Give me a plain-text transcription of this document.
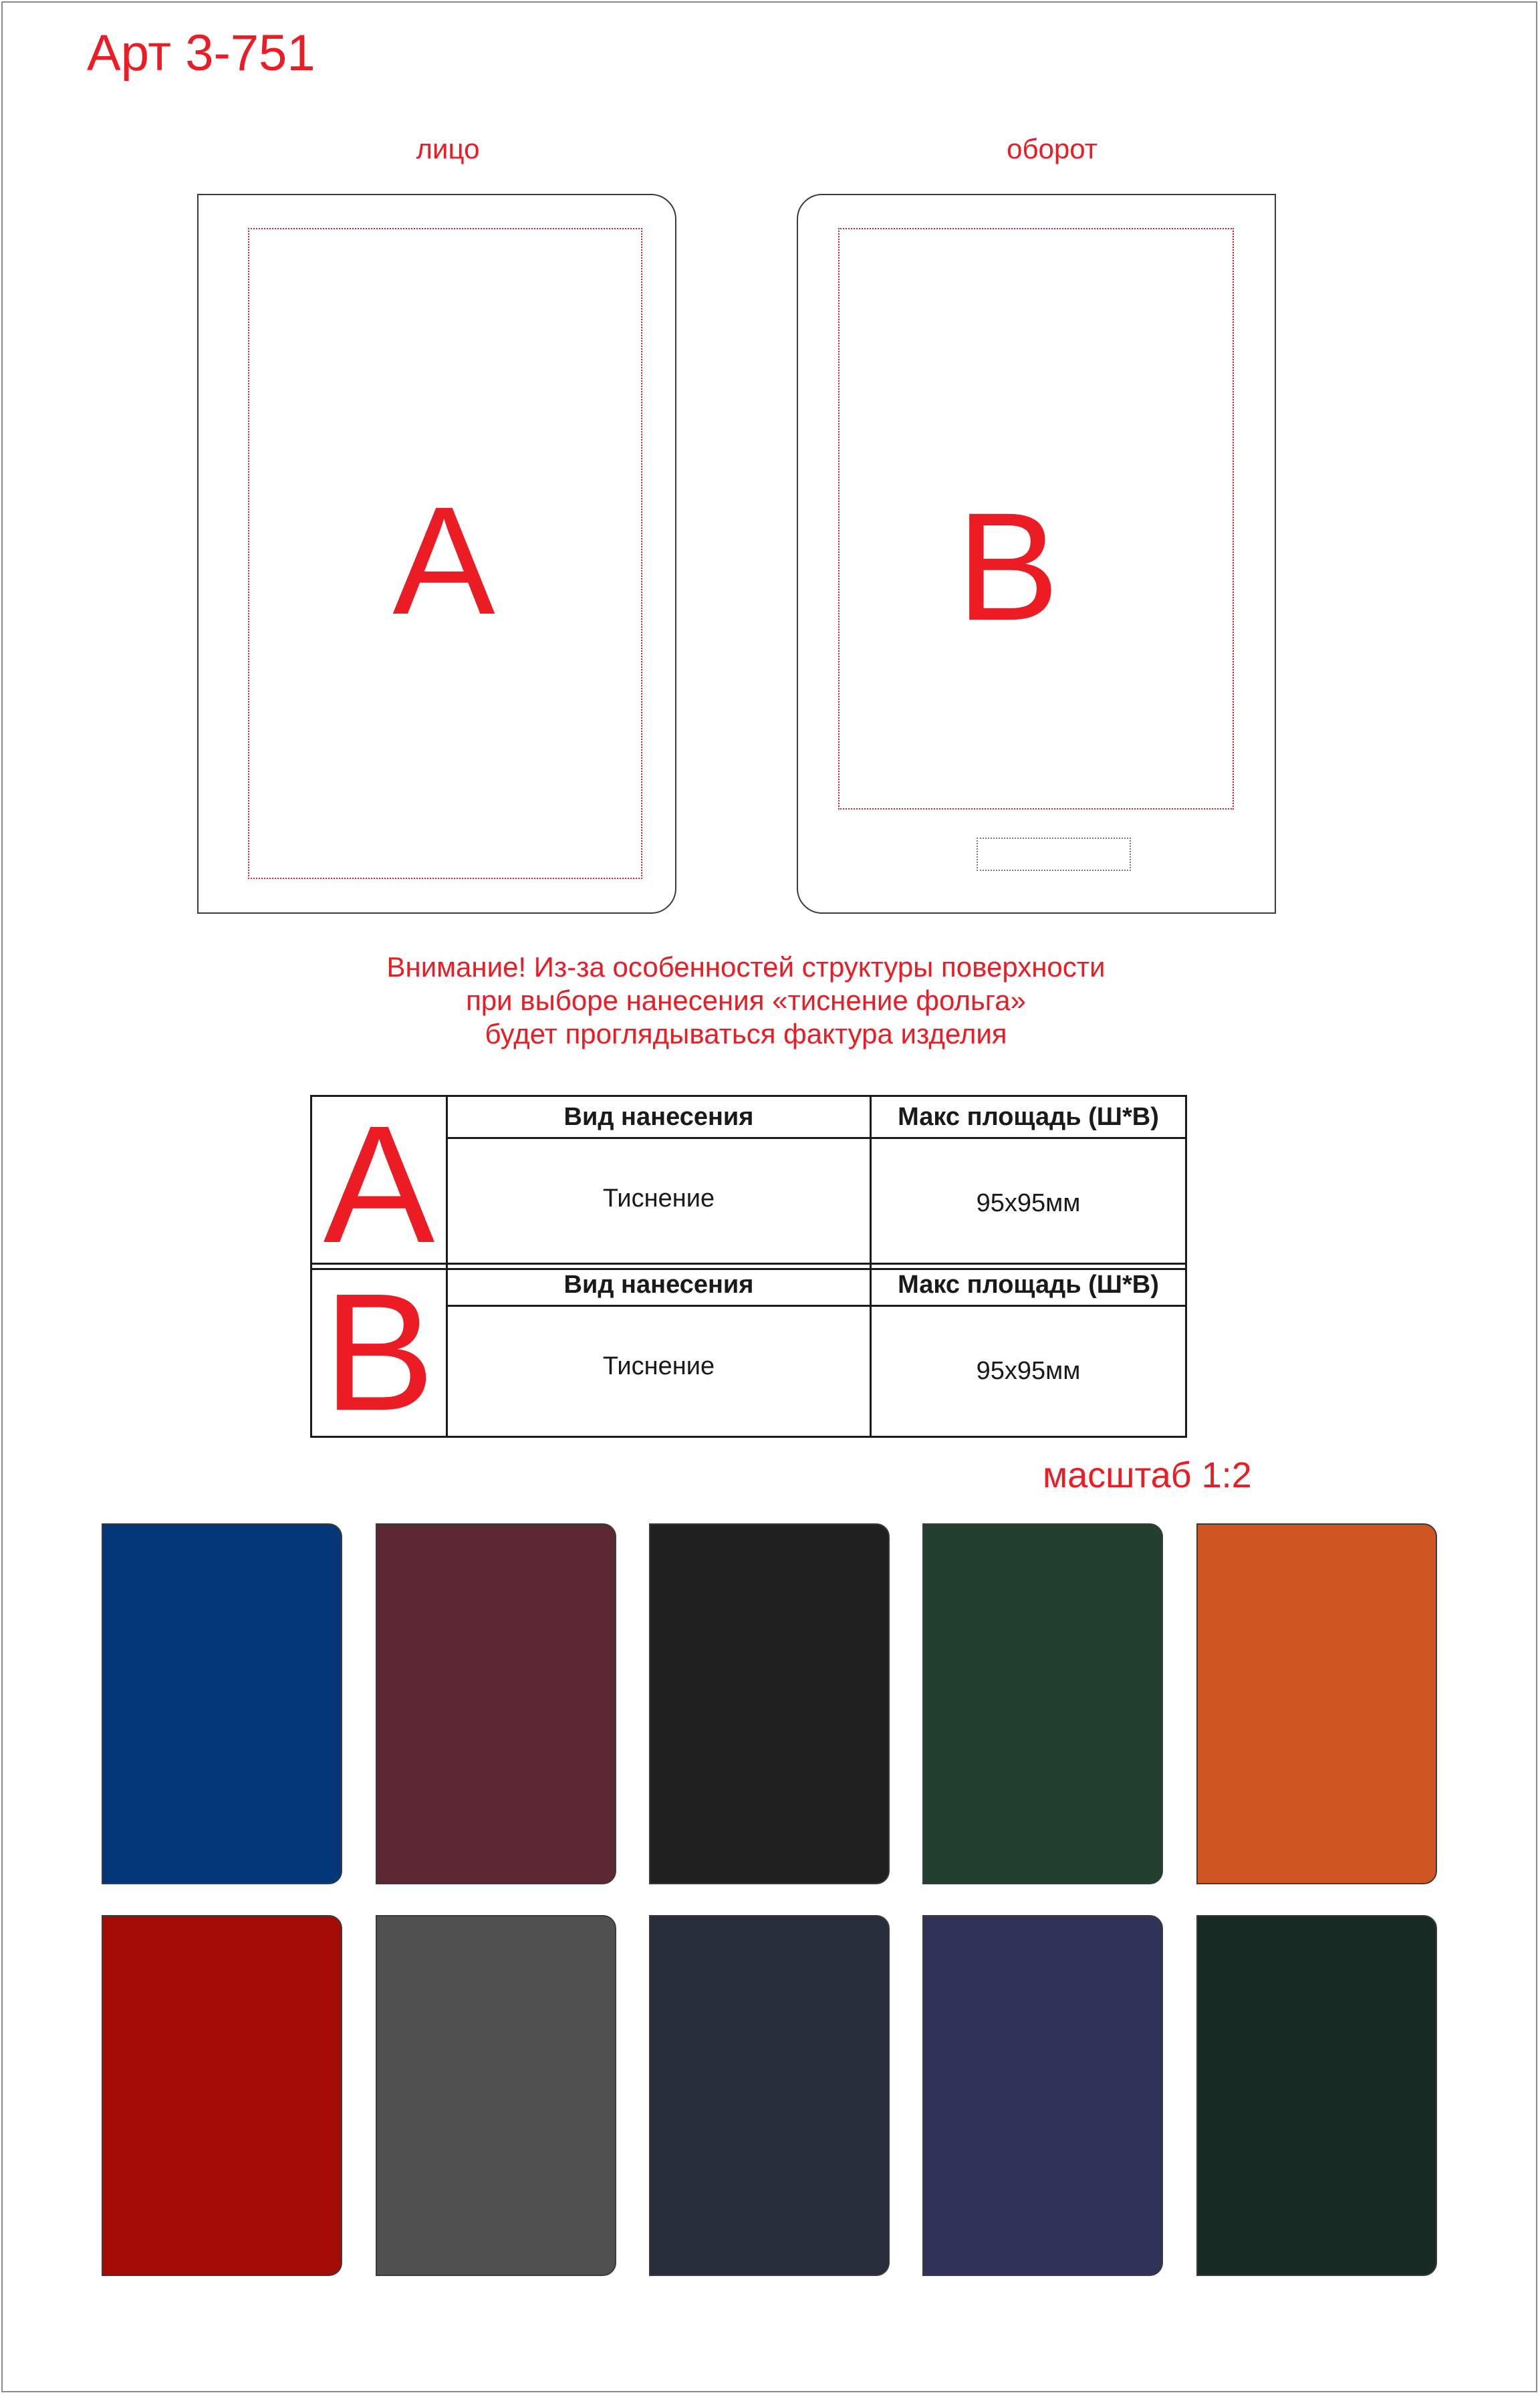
Арт 3-751
лицо	оборот
A	B
Внимание! Из-за особенностей структуры поверхности
при выборе нанесения «тиснение фольга»
будет проглядываться фактура изделия
A	Вид нанесения	Макс площадь (Ш*В)
	Тиснение	95x95мм
B	Вид нанесения	Макс площадь (Ш*В)
	Тиснение	95x95мм
масштаб 1:2
